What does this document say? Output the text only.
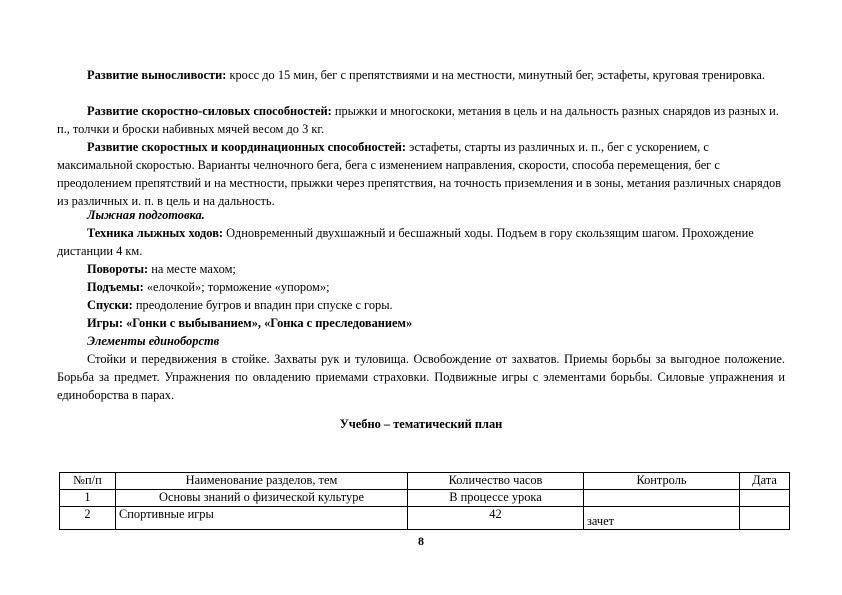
Развитие выносливости: кросс до 15 мин, бег с препятствиями и на местности, минутный бег, эстафеты, круговая тренировка.
Развитие скоростно-силовых способностей: прыжки и многоскоки, метания в цель и на дальность разных снарядов из разных и. п., толчки и броски набивных мячей весом до 3 кг.
Развитие скоростных и координационных способностей: эстафеты, старты из различных и. п., бег с ускорением, с максимальной скоростью. Варианты челночного бега, бега с изменением направления, скорости, способа перемещения, бег с преодолением препятствий и на местности, прыжки через препятствия, на точность приземления и в зоны, метания различных снарядов из различных и. п. в цель и на дальность.
Лыжная подготовка.
Техника лыжных ходов: Одновременный двухшажный и бесшажный ходы. Подъем в гору скользящим шагом. Прохождение дистанции 4 км.
Повороты: на месте махом;
Подъемы: «елочкой»; торможение «упором»;
Спуски: преодоление бугров и впадин при спуске с горы.
Игры: «Гонки с выбыванием», «Гонка с преследованием»
Элементы единоборств
Стойки и передвижения в стойке. Захваты рук и туловища. Освобождение от захватов. Приемы борьбы за выгодное положение. Борьба за предмет. Упражнения по овладению приемами страховки. Подвижные игры с элементами борьбы. Силовые упражнения и единоборства в парах.
Учебно – тематический план
№п/п	Наименование разделов, тем	Количество часов	Контроль	Дата
1	Основы знаний о физической культуре	В процессе урока		
2	Спортивные игры	42	зачет	
8
